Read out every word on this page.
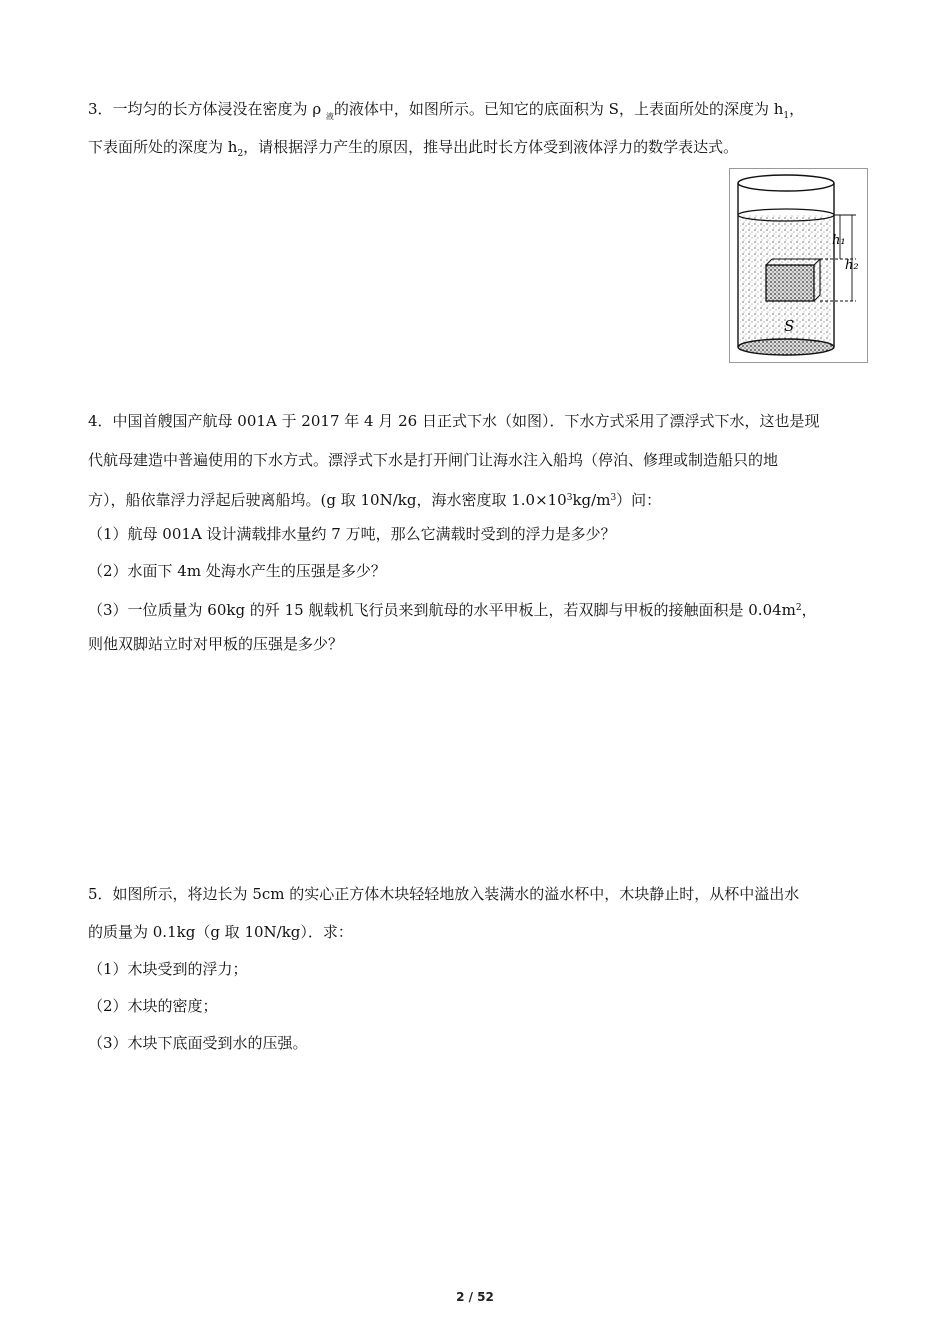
3．一均匀的长方体浸没在密度为 ρ $_液$的液体中，如图所示。已知它的底面积为 S，上表面所处的深度为 $h_1$，
下表面所处的深度为 $h_2$，请根据浮力产生的原因，推导出此时长方体受到液体浮力的数学表达式。
h₁
h₂
S
4．中国首艘国产航母 001A 于 2017 年 4 月 26 日正式下水（如图）．下水方式采用了漂浮式下水，这也是现
代航母建造中普遍使用的下水方式。漂浮式下水是打开闸门让海水注入船坞（停泊、修理或制造船只的地
方），船依靠浮力浮起后驶离船坞。(g 取 10N/kg，海水密度取 $1.0\times 10^3kg/m^3$）问：
（1）航母 001A 设计满载排水量约 7 万吨，那么它满载时受到的浮力是多少？
（2）水面下 4m 处海水产生的压强是多少？
（3）一位质量为 60kg 的歼 15 舰载机飞行员来到航母的水平甲板上，若双脚与甲板的接触面积是 $0.04m^2$，
则他双脚站立时对甲板的压强是多少？
5．如图所示，将边长为 5cm 的实心正方体木块轻轻地放入装满水的溢水杯中，木块静止时，从杯中溢出水
的质量为 0.1kg（g 取 10N/kg）．求：
（1）木块受到的浮力；
（2）木块的密度；
（3）木块下底面受到水的压强。
2 / 52
